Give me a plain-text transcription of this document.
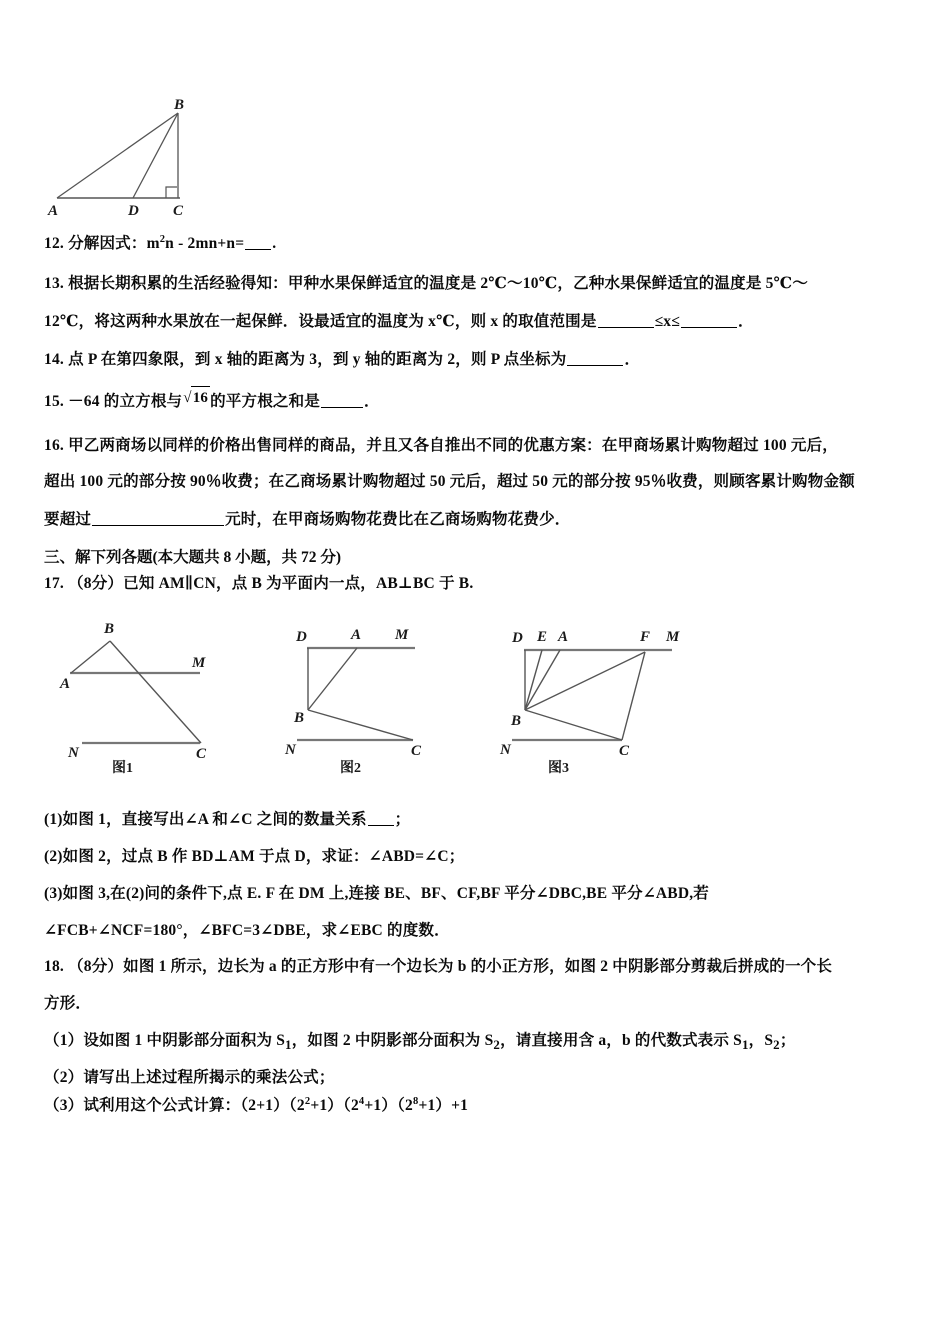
A	D C
B
12. 分解因式：$m^2n - 2mn+n=$ .
13. 根据长期积累的生活经验得知：甲种水果保鲜适宜的温度是 2℃～10℃，乙种水果保鲜适宜的温度是 5℃～
12℃，将这两种水果放在一起保鲜．设最适宜的温度为 x℃，则 x 的取值范围是	≤x≤	．
14. 点 P 在第四象限，到 x 轴的距离为 3，到 y 轴的距离为 2，则 P 点坐标为	．
15. －64 的立方根与√16 的平方根之和是	．
16. 甲乙两商场以同样的价格出售同样的商品，并且又各自推出不同的优惠方案：在甲商场累计购物超过 100 元后，
超出 100 元的部分按 90％收费；在乙商场累计购物超过 50 元后，超过 50 元的部分按 95％收费，则顾客累计购物金额
要超过	元时，在甲商场购物花费比在乙商场购物花费少．
三、解下列各题(本大题共 8 小题，共 72 分)
17. （8分）已知 AM∥CN，点 B 为平面内一点，AB⊥BC 于 B.
B
A
M
N	C
图1
D	A M
B
N	C
图2
D E A	F M
B
N	C
图3
(1)如图 1，直接写出∠A 和∠C 之间的数量关系 ；
(2)如图 2，过点 B 作 BD⊥AM 于点 D，求证：∠ABD=∠C；
(3)如图 3,在(2)问的条件下,点 E. F 在 DM 上,连接 BE、BF、CF,BF 平分∠DBC,BE 平分∠ABD,若
∠FCB+∠NCF=180°，∠BFC=3∠DBE，求∠EBC 的度数．
18. （8分）如图 1 所示，边长为 a 的正方形中有一个边长为 b 的小正方形，如图 2 中阴影部分剪裁后拼成的一个长
方形．
（1）设如图 1 中阴影部分面积为 $S_1$，如图 2 中阴影部分面积为 $S_2$，请直接用含 a，b 的代数式表示 $S_1$，$S_2$；
（2）请写出上述过程所揭示的乘法公式；
（3）试利用这个公式计算：$(2+1)(2^2+1)(2^4+1)(2^8+1)+1$
